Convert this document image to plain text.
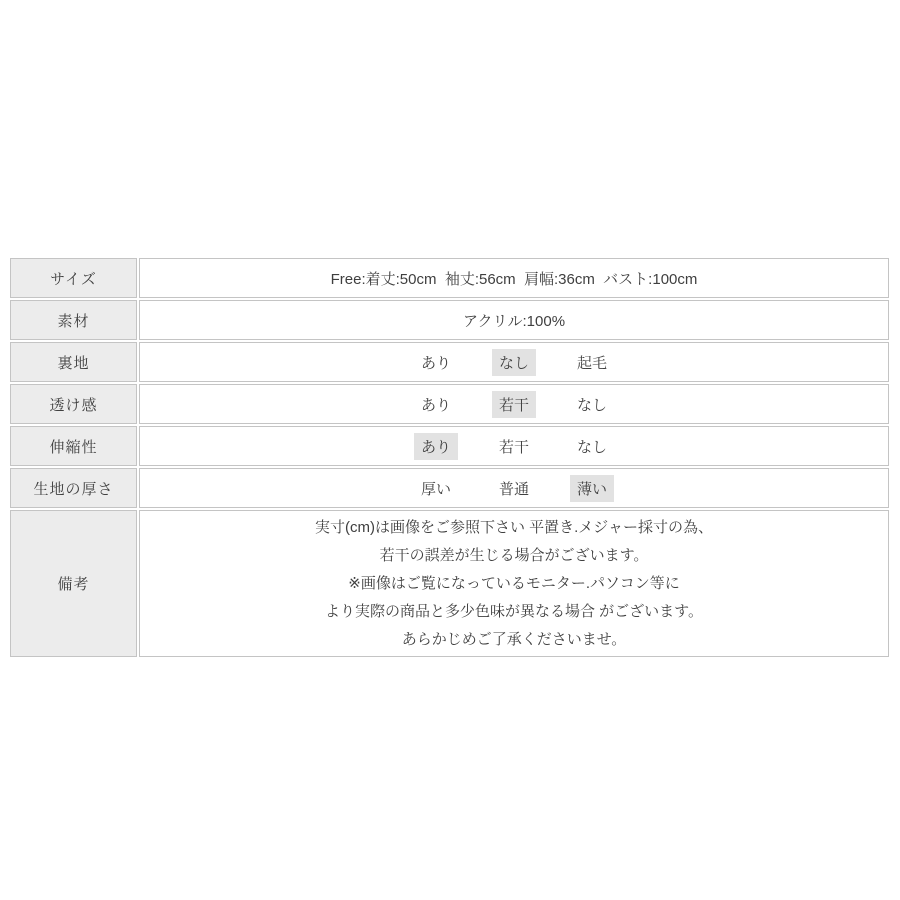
サイズ	Free:着丈:50cm  袖丈:56cm  肩幅:36cm  バスト:100cm
素材	アクリル:100%
裏地	あり なし 起毛

透け感	あり 若干 なし

伸縮性	あり 若干 なし

生地の厚さ	厚い 普通 薄い

備考	実寸(cm)は画像をご参照下さい 平置き.メジャー採寸の為、
若干の誤差が生じる場合がございます。
※画像はご覧になっているモニター.パソコン等に
より実際の商品と多少色味が異なる場合 がございます。
あらかじめご了承くださいませ。
